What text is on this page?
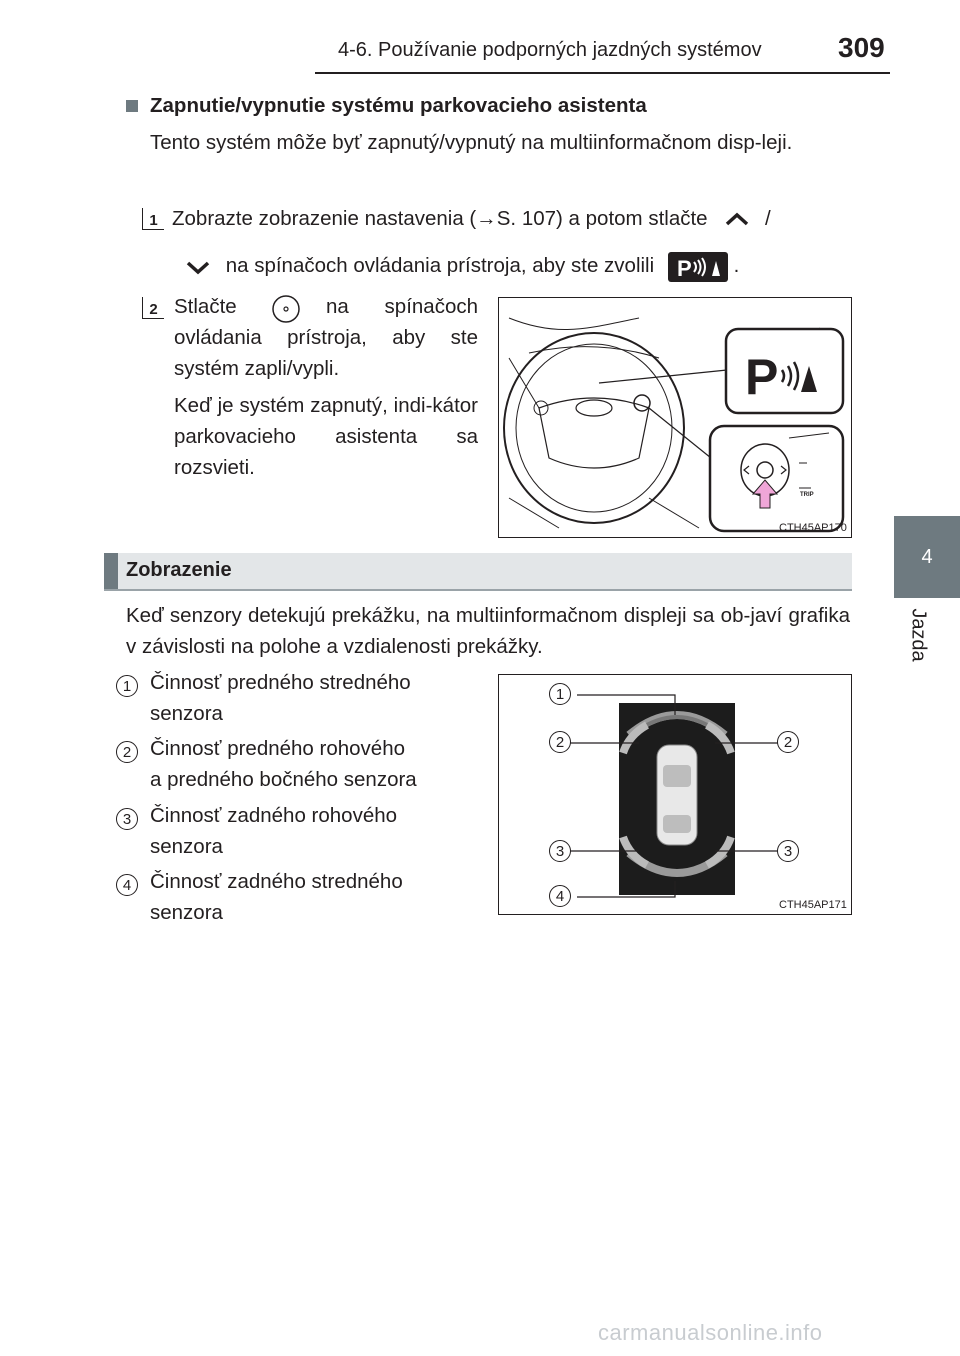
4-6. Používanie podporných jazdných systémov	309
4
Jazda
Zapnutie/vypnutie systému parkovacieho asistenta
Tento systém môže byť zapnutý/vypnutý na multiinformačnom disp-leji.
1 Zobrazte zobrazenie nastavenia (→S. 107) a potom stlačte	/
na spínačoch ovládania prístroja, aby ste zvolili P .
2 Stlačte	na spínačoch ovládania prístroja, aby ste systém zapli/vypli.
Keď je systém zapnutý, indi-kátor parkovacieho asistenta sa rozsvieti.
P
TRIP
CTH45AP170
Zobrazenie
Keď senzory detekujú prekážku, na multiinformačnom displeji sa ob-javí grafika v závislosti na polohe a vzdialenosti prekážky.
1 Činnosť predného stredného
senzora
2 Činnosť predného rohového
a predného bočného senzora
3 Činnosť zadného rohového
senzora
4 Činnosť zadného stredného
senzora
1
2	2
3	3
4
CTH45AP171
carmanualsonline.info
